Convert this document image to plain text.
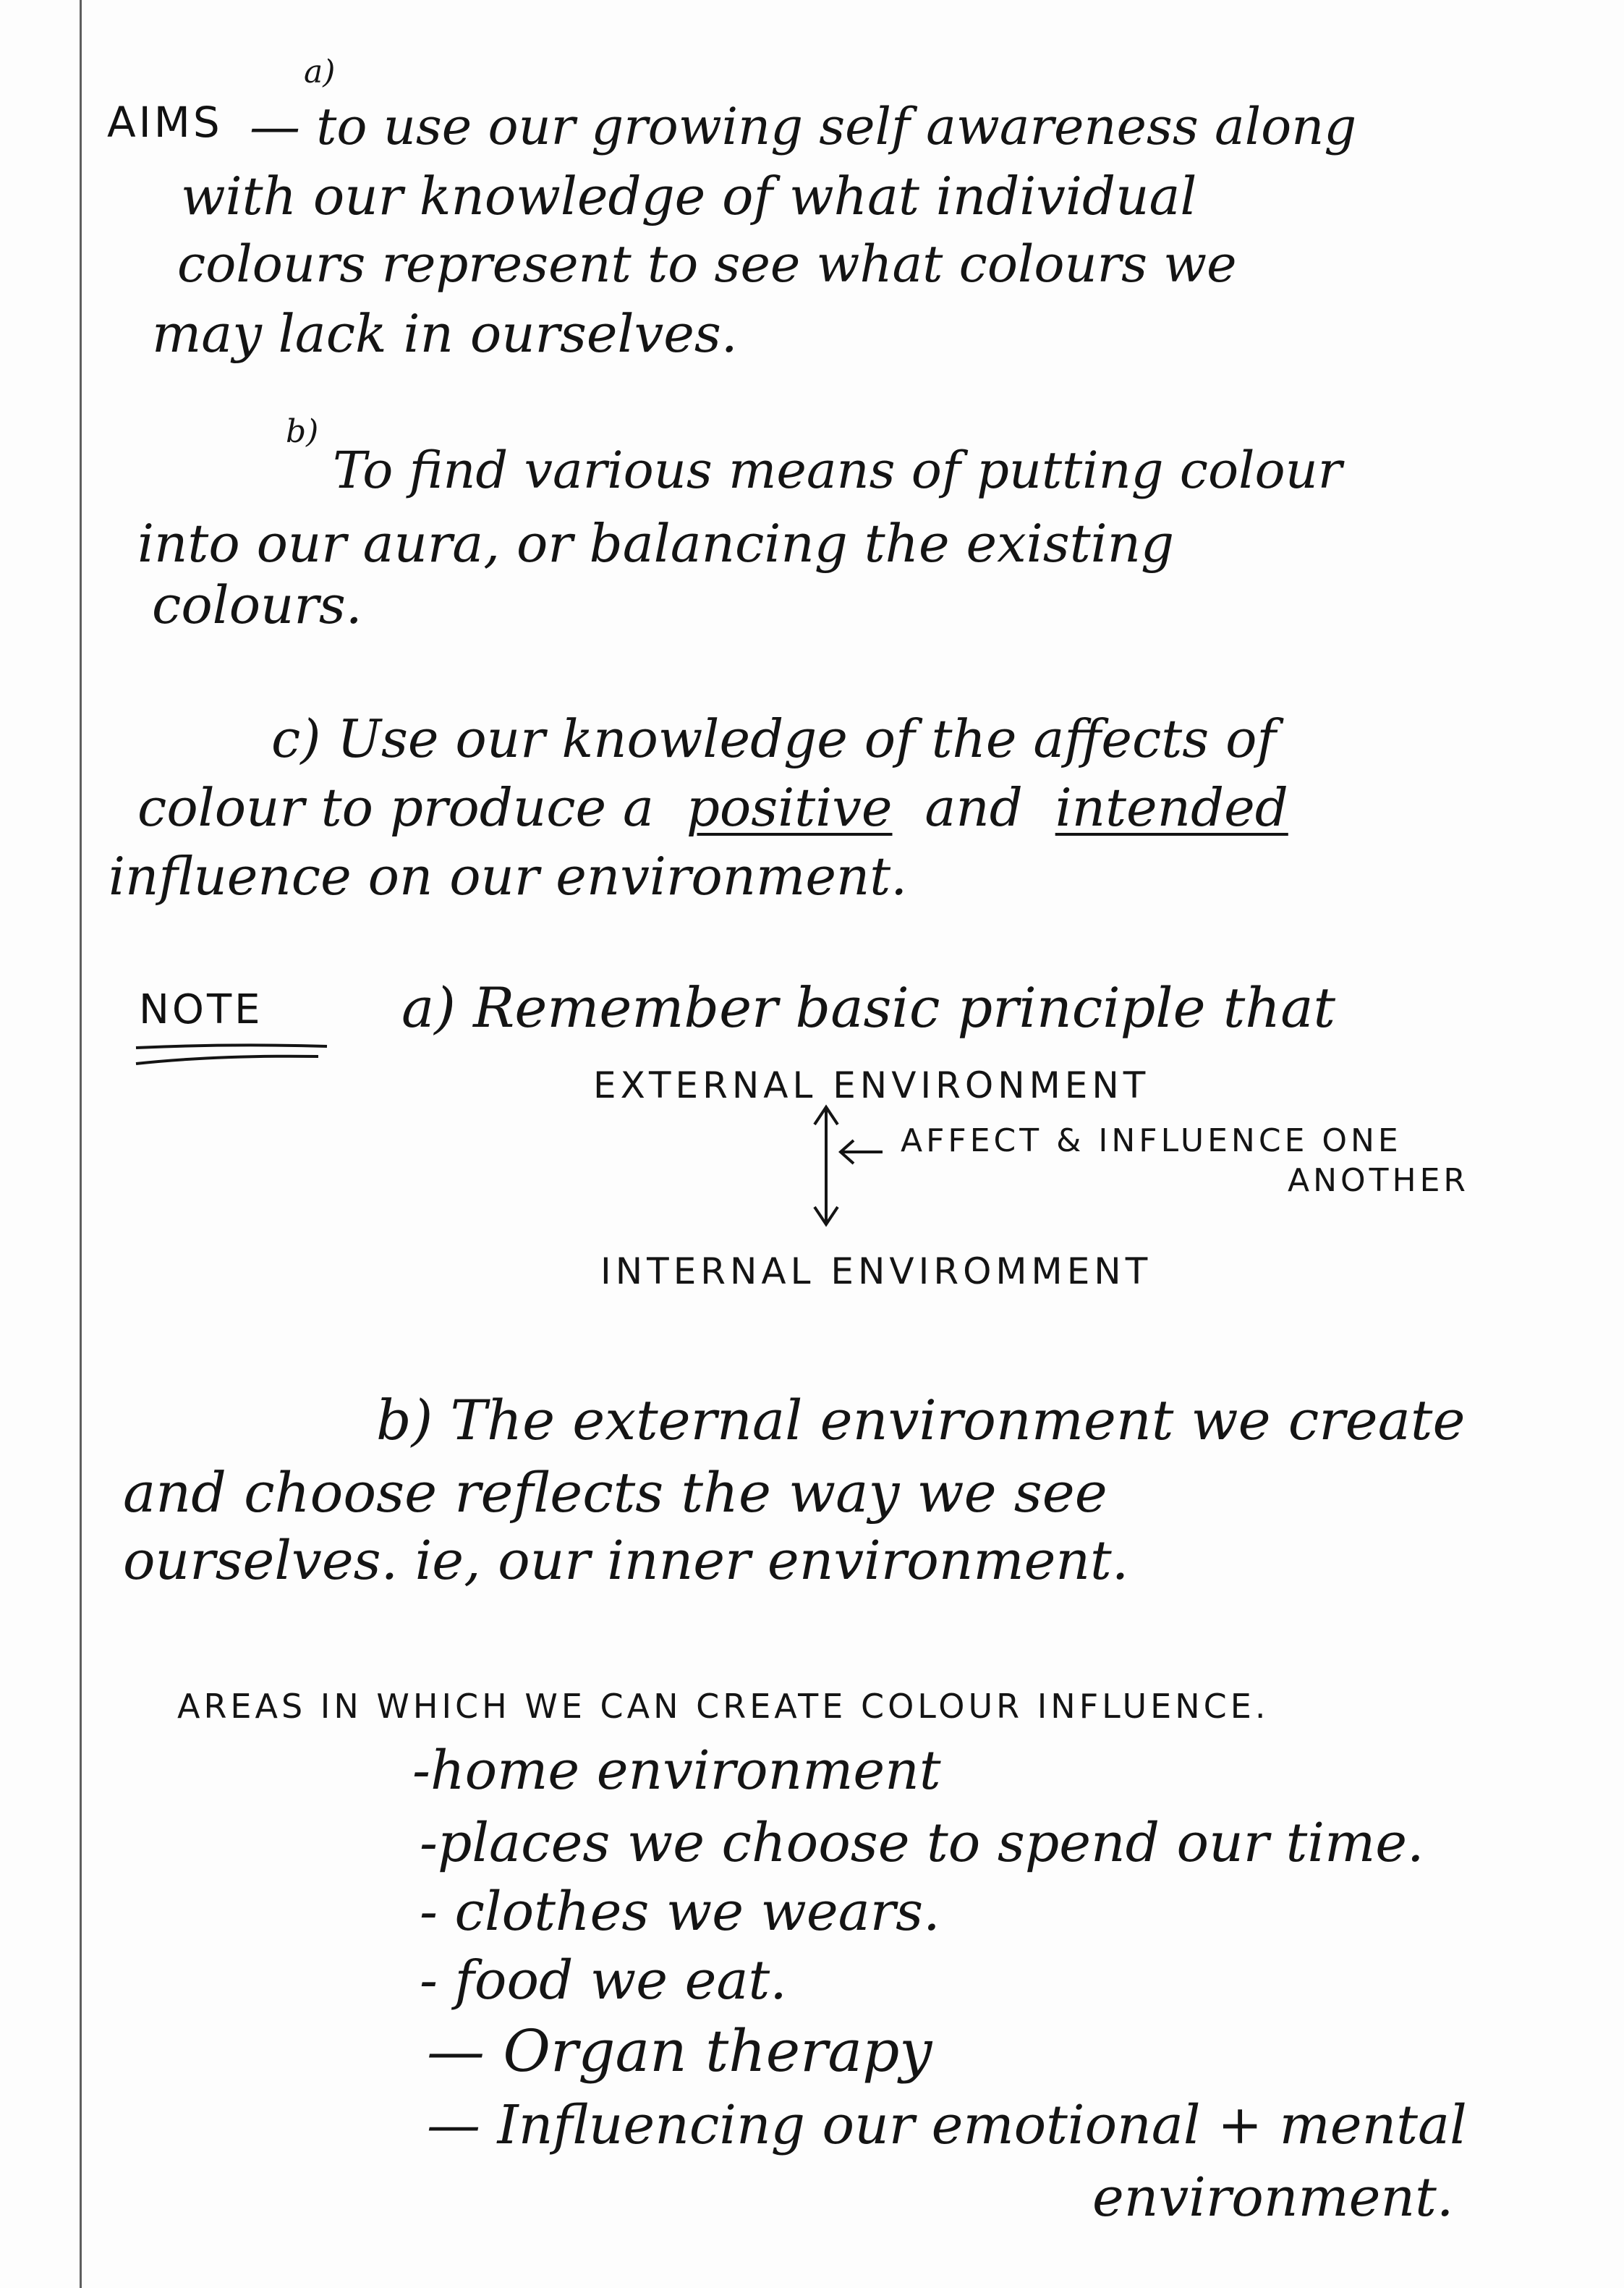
AIMS
a)
— to use our growing self awareness along
with our knowledge of what individual
colours represent to see what colours we
may lack in ourselves.
b)
To find various means of putting colour
into our aura, or balancing the existing
colours.
c) Use our knowledge of the affects of
colour to produce a positive and intended
influence on our environment.
NOTE	a) Remember basic principle that
EXTERNAL ENVIRONMENT
AFFECT & INFLUENCE ONE
ANOTHER
INTERNAL ENVIROMMENT
b) The external environment we create
and choose reflects the way we see
ourselves. ie, our inner environment.
AREAS IN WHICH WE CAN CREATE COLOUR INFLUENCE.
-home environment
-places we choose to spend our time.
- clothes we wears.
- food we eat.
— Organ therapy
— Influencing our emotional + mental
environment.
